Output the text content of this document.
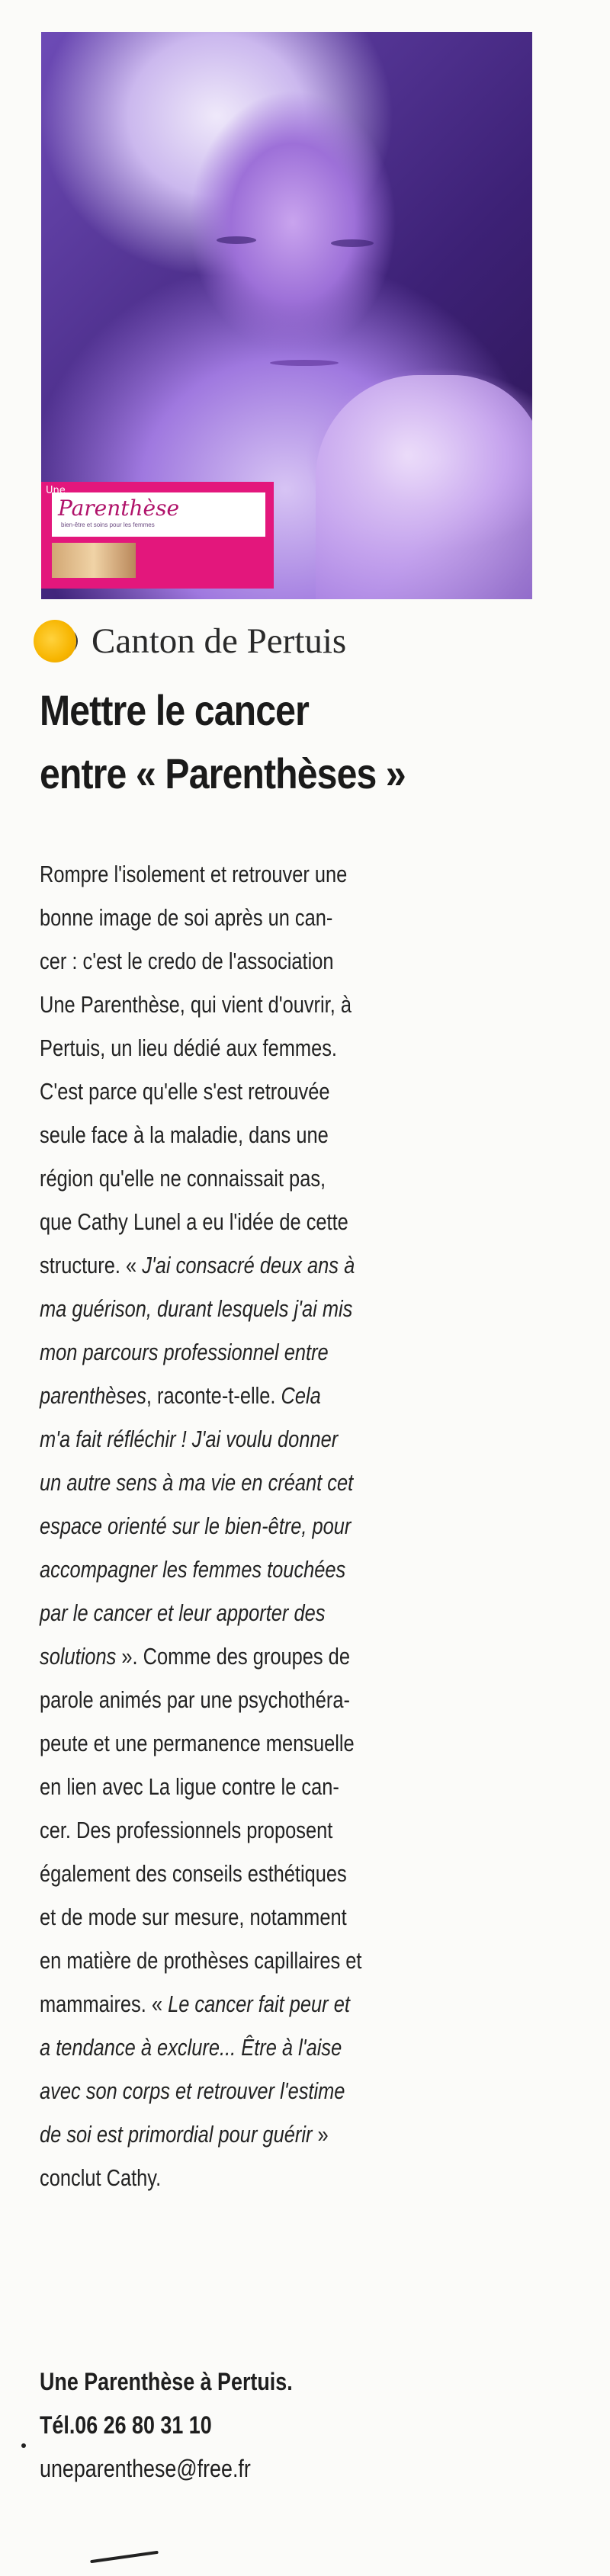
Une
Parenthèse
bien-être et soins pour les femmes
Canton de Pertuis
Mettre le cancer
entre « Parenthèses »
Rompre l'isolement et retrouver une
bonne image de soi après un can-
cer : c'est le credo de l'association
Une Parenthèse, qui vient d'ouvrir, à
Pertuis, un lieu dédié aux femmes.
C'est parce qu'elle s'est retrouvée
seule face à la maladie, dans une
région qu'elle ne connaissait pas,
que Cathy Lunel a eu l'idée de cette
structure. « J'ai consacré deux ans à
ma guérison, durant lesquels j'ai mis
mon parcours professionnel entre
parenthèses, raconte-t-elle. Cela
m'a fait réfléchir ! J'ai voulu donner
un autre sens à ma vie en créant cet
espace orienté sur le bien-être, pour
accompagner les femmes touchées
par le cancer et leur apporter des
solutions ». Comme des groupes de
parole animés par une psychothéra-
peute et une permanence mensuelle
en lien avec La ligue contre le can-
cer. Des professionnels proposent
également des conseils esthétiques
et de mode sur mesure, notamment
en matière de prothèses capillaires et
mammaires. « Le cancer fait peur et
a tendance à exclure... Être à l'aise
avec son corps et retrouver l'estime
de soi est primordial pour guérir »
conclut Cathy.
Une Parenthèse à Pertuis.
Tél.06 26 80 31 10
uneparenthese@free.fr
